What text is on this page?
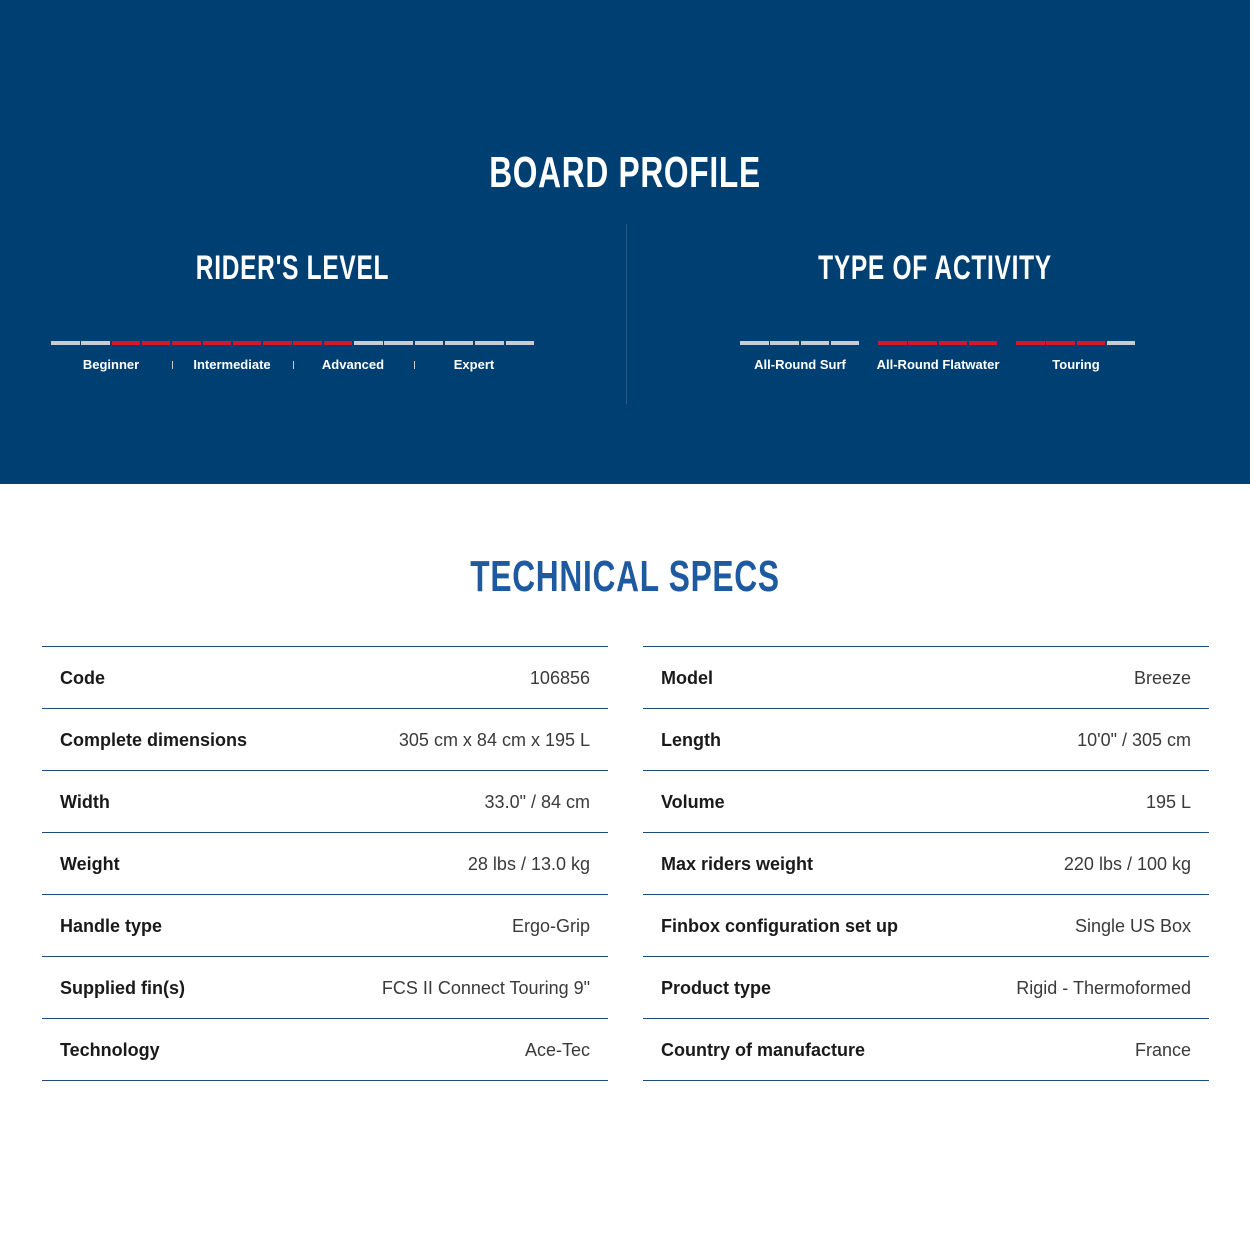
BOARD PROFILE
RIDER'S LEVEL	TYPE OF ACTIVITY
Beginner	Intermediate	Advanced	Expert	All-Round Surf	All-Round Flatwater	Touring
TECHNICAL SPECS
Code	106856
Complete dimensions	305 cm x 84 cm x 195 L
Width	33.0" / 84 cm
Weight	28 lbs / 13.0 kg
Handle type	Ergo-Grip
Supplied fin(s)	FCS II Connect Touring 9"
Technology	Ace-Tec
Model	Breeze
Length	10'0" / 305 cm
Volume	195 L
Max riders weight	220 lbs / 100 kg
Finbox configuration set up	Single US Box
Product type	Rigid - Thermoformed
Country of manufacture	France
